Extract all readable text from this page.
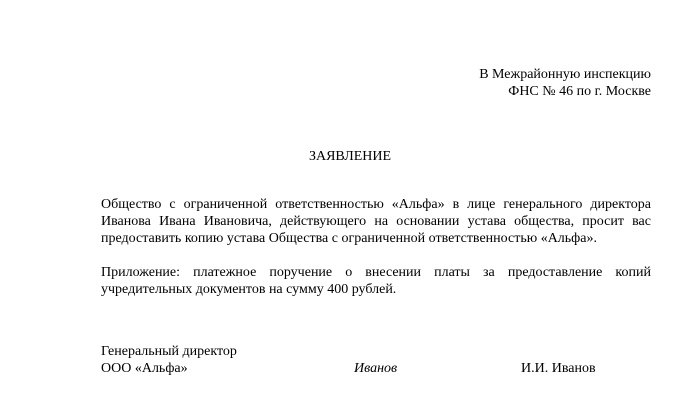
В Межрайонную инспекцию
ФНС № 46 по г. Москве
ЗАЯВЛЕНИЕ
Общество с ограниченной ответственностью «Альфа» в лице генерального директора
Иванова Ивана Ивановича, действующего на основании устава общества, просит вас
предоставить копию устава Общества с ограниченной ответственностью «Альфа».
Приложение: платежное поручение о внесении платы за предоставление копий
учредительных документов на сумму 400 рублей.
Генеральный директор
ООО «Альфа»	Иванов	И.И. Иванов
